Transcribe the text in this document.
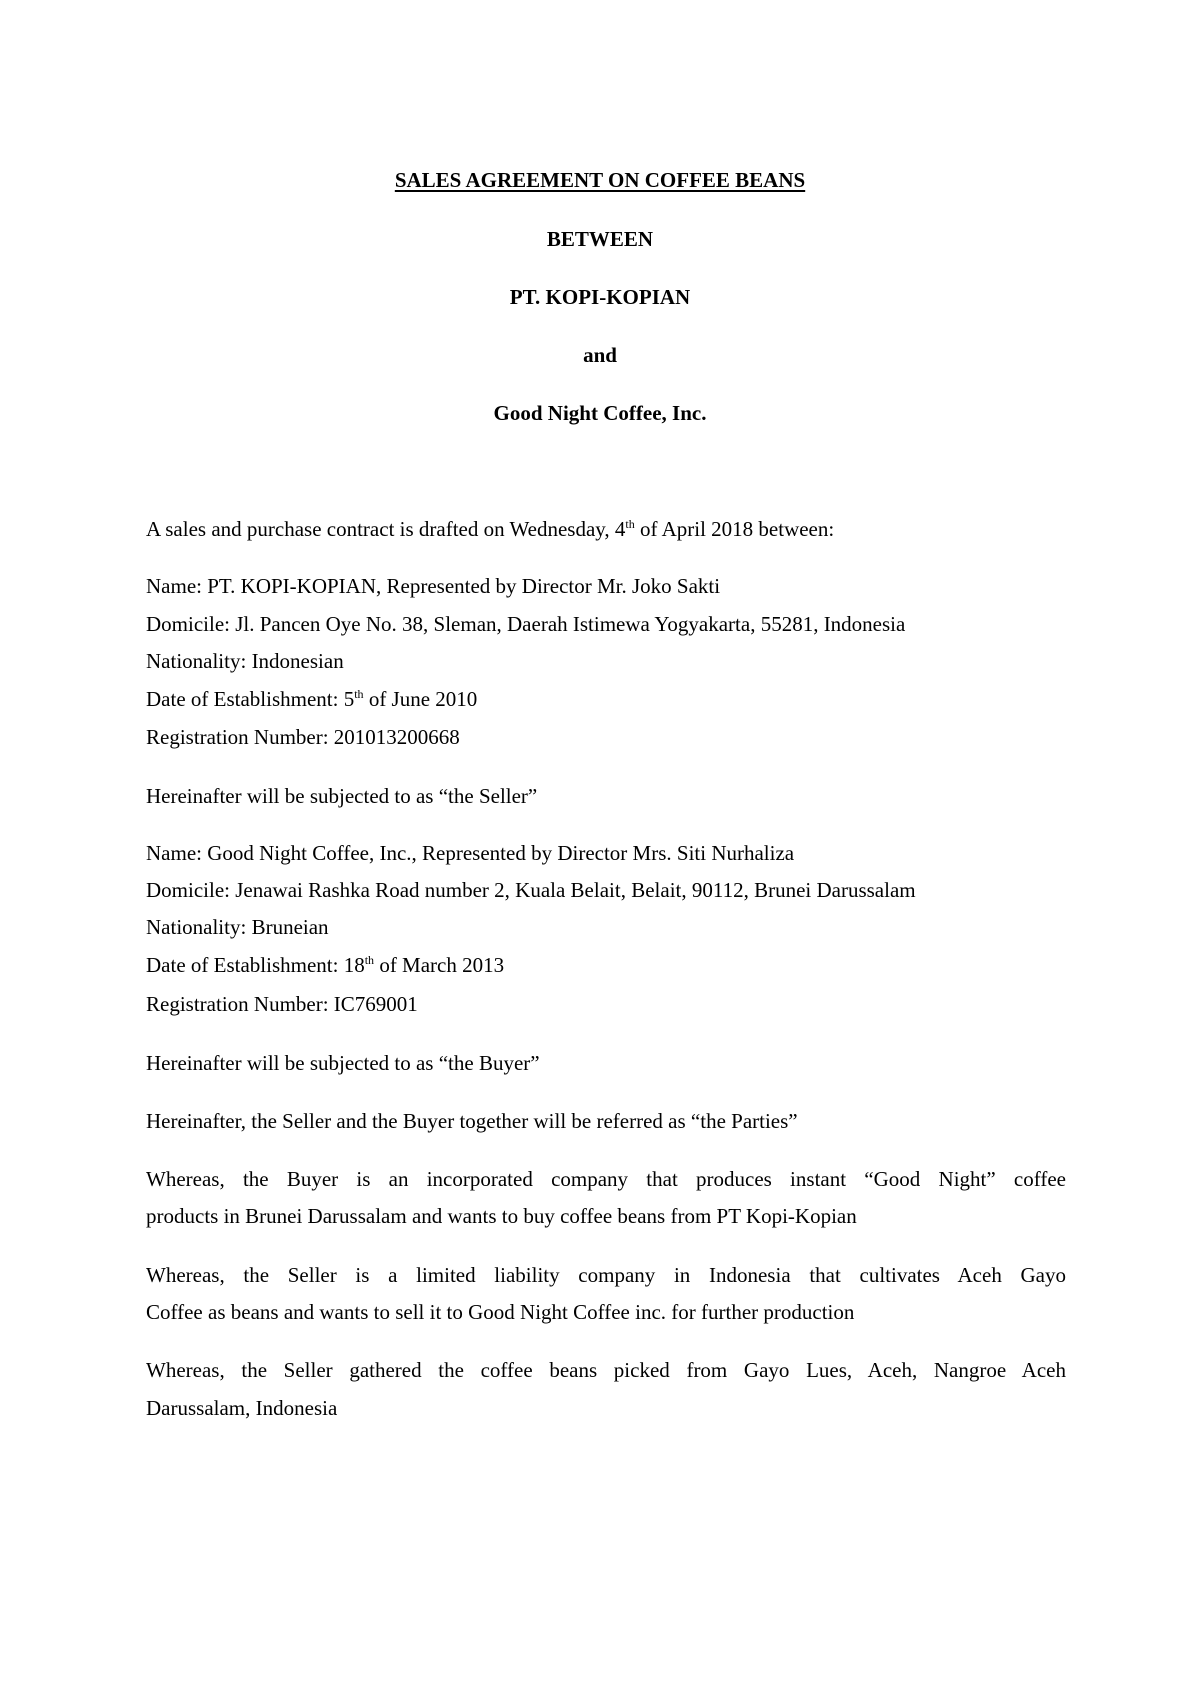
SALES AGREEMENT ON COFFEE BEANS
BETWEEN
PT. KOPI-KOPIAN
and
Good Night Coffee, Inc.
A sales and purchase contract is drafted on Wednesday, 4th of April 2018 between:
Name: PT. KOPI-KOPIAN, Represented by Director Mr. Joko Sakti
Domicile: Jl. Pancen Oye No. 38, Sleman, Daerah Istimewa Yogyakarta, 55281, Indonesia
Nationality: Indonesian
Date of Establishment: 5th of June 2010
Registration Number: 201013200668
Hereinafter will be subjected to as “the Seller”
Name: Good Night Coffee, Inc., Represented by Director Mrs. Siti Nurhaliza
Domicile: Jenawai Rashka Road number 2, Kuala Belait, Belait, 90112, Brunei Darussalam
Nationality: Bruneian
Date of Establishment: 18th of March 2013
Registration Number: IC769001
Hereinafter will be subjected to as “the Buyer”
Hereinafter, the Seller and the Buyer together will be referred as “the Parties”
Whereas, the Buyer is an incorporated company that produces instant “Good Night” coffee
products in Brunei Darussalam and wants to buy coffee beans from PT Kopi-Kopian
Whereas, the Seller is a limited liability company in Indonesia that cultivates Aceh Gayo
Coffee as beans and wants to sell it to Good Night Coffee inc. for further production
Whereas, the Seller gathered the coffee beans picked from Gayo Lues, Aceh, Nangroe Aceh
Darussalam, Indonesia
